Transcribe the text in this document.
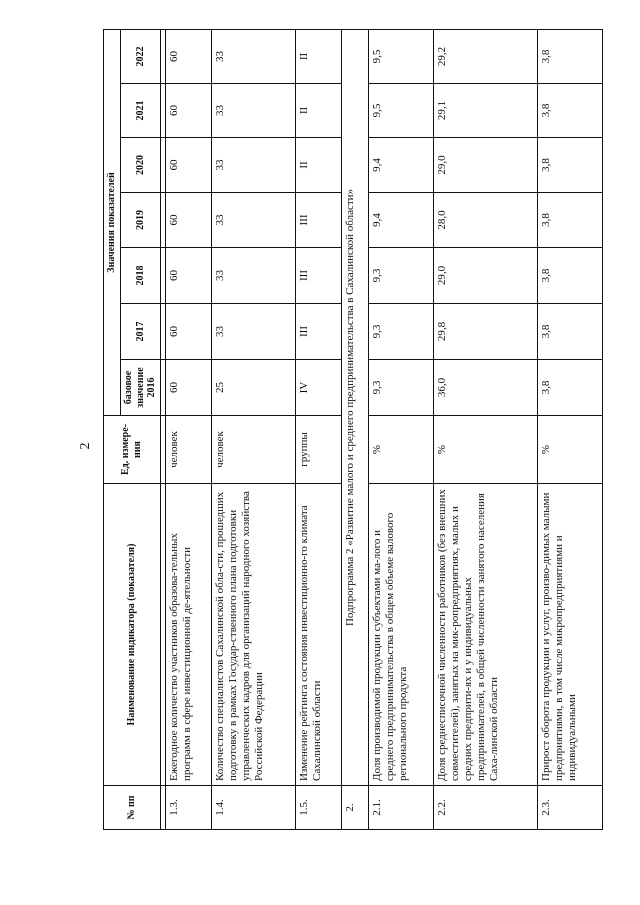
2
№ пп	Наименование индикатора (показателя)	Ед. измере-ния	Значения показателей						
			базовое значение 2016	2017	2018	2019	2020	2021	2022

1.3.	Ежегодное количество участников образова-тельных программ в сфере инвестиционной де-ятельности	человек	60	60	60	60	60	60	60
1.4.	Количество специалистов Сахалинской обла-сти, прошедших подготовку в рамках Государ-ственного плана подготовки управленческих кадров для организаций народного хозяйства Российской Федерации	человек	25	33	33	33	33	33	33
1.5.	Изменение рейтинга состояния инвестиционно-го климата Сахалинской области	группы	IV	III	III	III	II	II	II
2.	Подпрограмма 2 «Развитие малого и среднего предпринимательства в Сахалинской области»								
2.1.	Доля производимой продукции субъектами ма-лого и среднего предпринимательства в общем объеме валового регионального продукта	%	9,3	9,3	9,3	9,4	9,4	9,5	9,5
2.2.	Доля среднесписочной численности работников (без внешних совместителей), занятых на мик-ропредприятиях, малых и средних предприти-ях и у индивидуальных предпринимателей, в общей численности занятого населения Саха-линской области	%	36,0	29,8	29,0	28,0	29,0	29,1	29,2
2.3.	Прирост оборота продукции и услуг, произво-димых малыми предприятиями, в том числе микропредприятиями и индивидуальными	%	3,8	3,8	3,8	3,8	3,8	3,8	3,8
